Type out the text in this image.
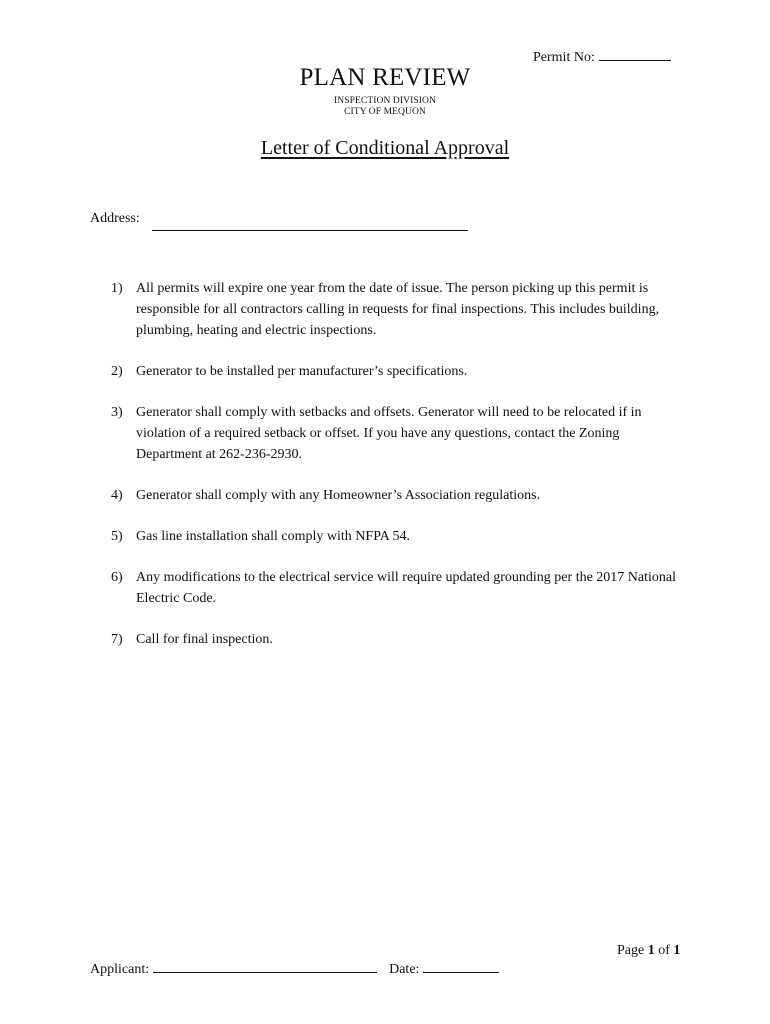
Permit No:
PLAN REVIEW
INSPECTION DIVISION
CITY OF MEQUON
Letter of Conditional Approval
Address:
1) All permits will expire one year from the date of issue. The person picking up this permit is responsible for all contractors calling in requests for final inspections. This includes building, plumbing, heating and electric inspections.
2) Generator to be installed per manufacturer’s specifications.
3) Generator shall comply with setbacks and offsets. Generator will need to be relocated if in violation of a required setback or offset. If you have any questions, contact the Zoning Department at 262-236-2930.
4) Generator shall comply with any Homeowner’s Association regulations.
5) Gas line installation shall comply with NFPA 54.
6) Any modifications to the electrical service will require updated grounding per the 2017 National Electric Code.
7) Call for final inspection.
Page 1 of 1
Applicant:	Date:
